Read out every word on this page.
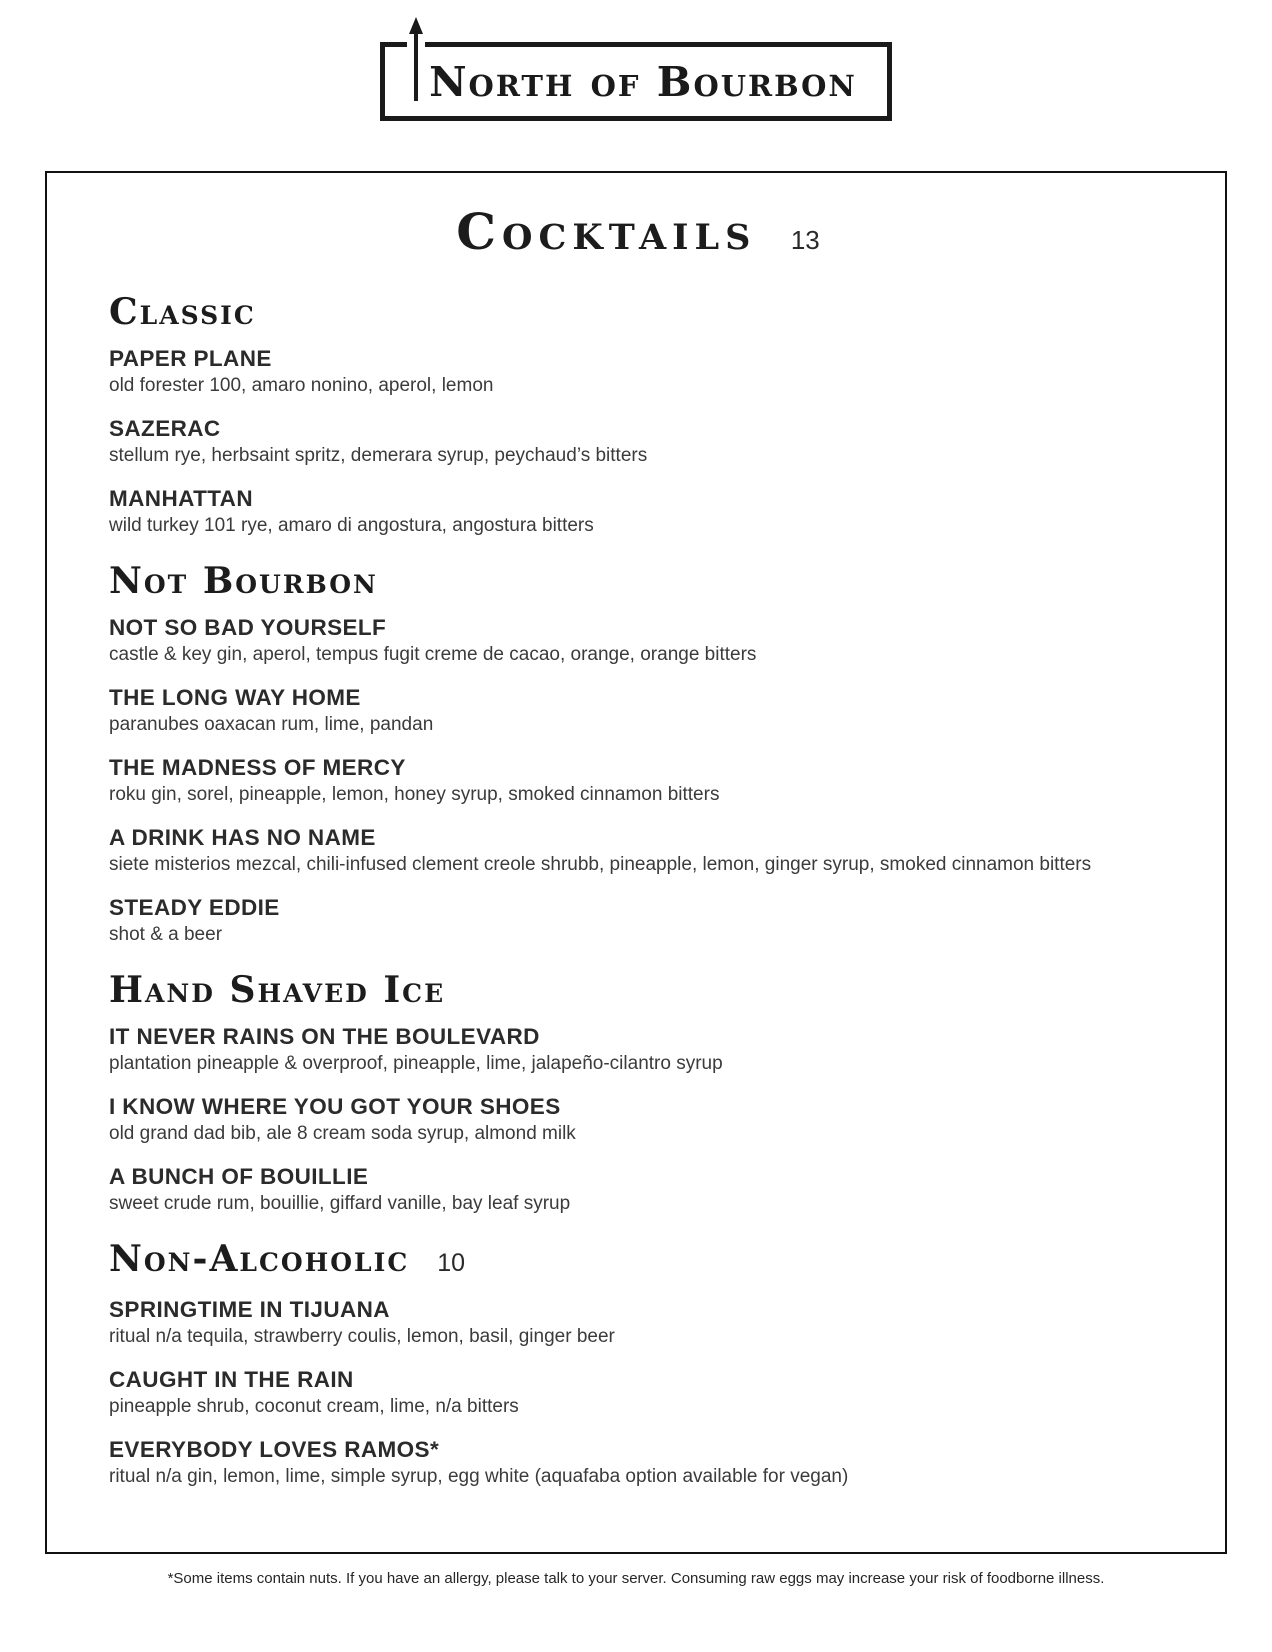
North of Bourbon
Cocktails 13
Classic
PAPER PLANE
old forester 100, amaro nonino, aperol, lemon
SAZERAC
stellum rye, herbsaint spritz, demerara syrup, peychaud’s bitters
MANHATTAN
wild turkey 101 rye, amaro di angostura, angostura bitters
Not Bourbon
NOT SO BAD YOURSELF
castle & key gin, aperol, tempus fugit creme de cacao, orange, orange bitters
THE LONG WAY HOME
paranubes oaxacan rum, lime, pandan
THE MADNESS OF MERCY
roku gin, sorel, pineapple, lemon, honey syrup, smoked cinnamon bitters
A DRINK HAS NO NAME
siete misterios mezcal, chili-infused clement creole shrubb, pineapple, lemon, ginger syrup, smoked cinnamon bitters
STEADY EDDIE
shot & a beer
Hand Shaved Ice
IT NEVER RAINS ON THE BOULEVARD
plantation pineapple & overproof, pineapple, lime, jalapeño-cilantro syrup
I KNOW WHERE YOU GOT YOUR SHOES
old grand dad bib, ale 8 cream soda syrup, almond milk
A BUNCH OF BOUILLIE
sweet crude rum, bouillie, giffard vanille, bay leaf syrup
Non-Alcoholic 10
SPRINGTIME IN TIJUANA
ritual n/a tequila, strawberry coulis, lemon, basil, ginger beer
CAUGHT IN THE RAIN
pineapple shrub, coconut cream, lime, n/a bitters
EVERYBODY LOVES RAMOS*
ritual n/a gin, lemon, lime, simple syrup, egg white (aquafaba option available for vegan)
*Some items contain nuts. If you have an allergy, please talk to your server. Consuming raw eggs may increase your risk of foodborne illness.
